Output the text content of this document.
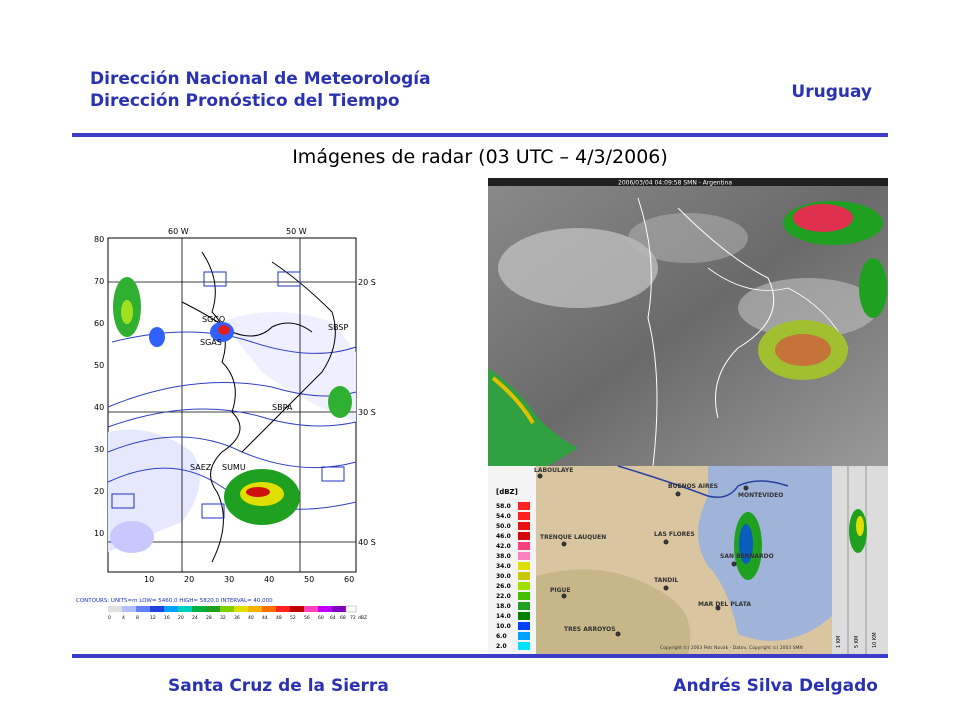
Dirección Nacional de Meteorología
Dirección Pronóstico del Tiempo	Uruguay
Imágenes de radar (03 UTC – 4/3/2006)
SGCO
SGAS
SBSP
SBPA
SAEZ SUMU
60 W	50 W
20 S
30 S
40 S
80
70
60
50
40
30
20
10
10	20	30	40	50	60
CONTOURS: UNITS=m LOW= 5460.0 HIGH= 5820.0 INTERVAL= 40.000
0 4 8 12 16 20 24 28 32 36 40 44 48 52 56 60 64 68 72 dBZ
2006/03/04 04:09:58 SMN - Argentina
[dBZ]
58.0
54.0
50.0
46.0
42.0
38.0
34.0
30.0
26.0
22.0
18.0
14.0
10.0
6.0
2.0	1 KM 5 KM 10 KM
LABOULAYE
BUENOS AIRES
MONTEVIDEO
TRENQUE LAUQUEN	LAS FLORES
SAN BERNARDO
TANDIL
PIGUE
MAR DEL PLATA
TRES ARROYOS
Copyright (c) 2003 Petr Novák - Datov, Copyright (c) 2003 SMN
Santa Cruz de la Sierra	Andrés Silva Delgado
